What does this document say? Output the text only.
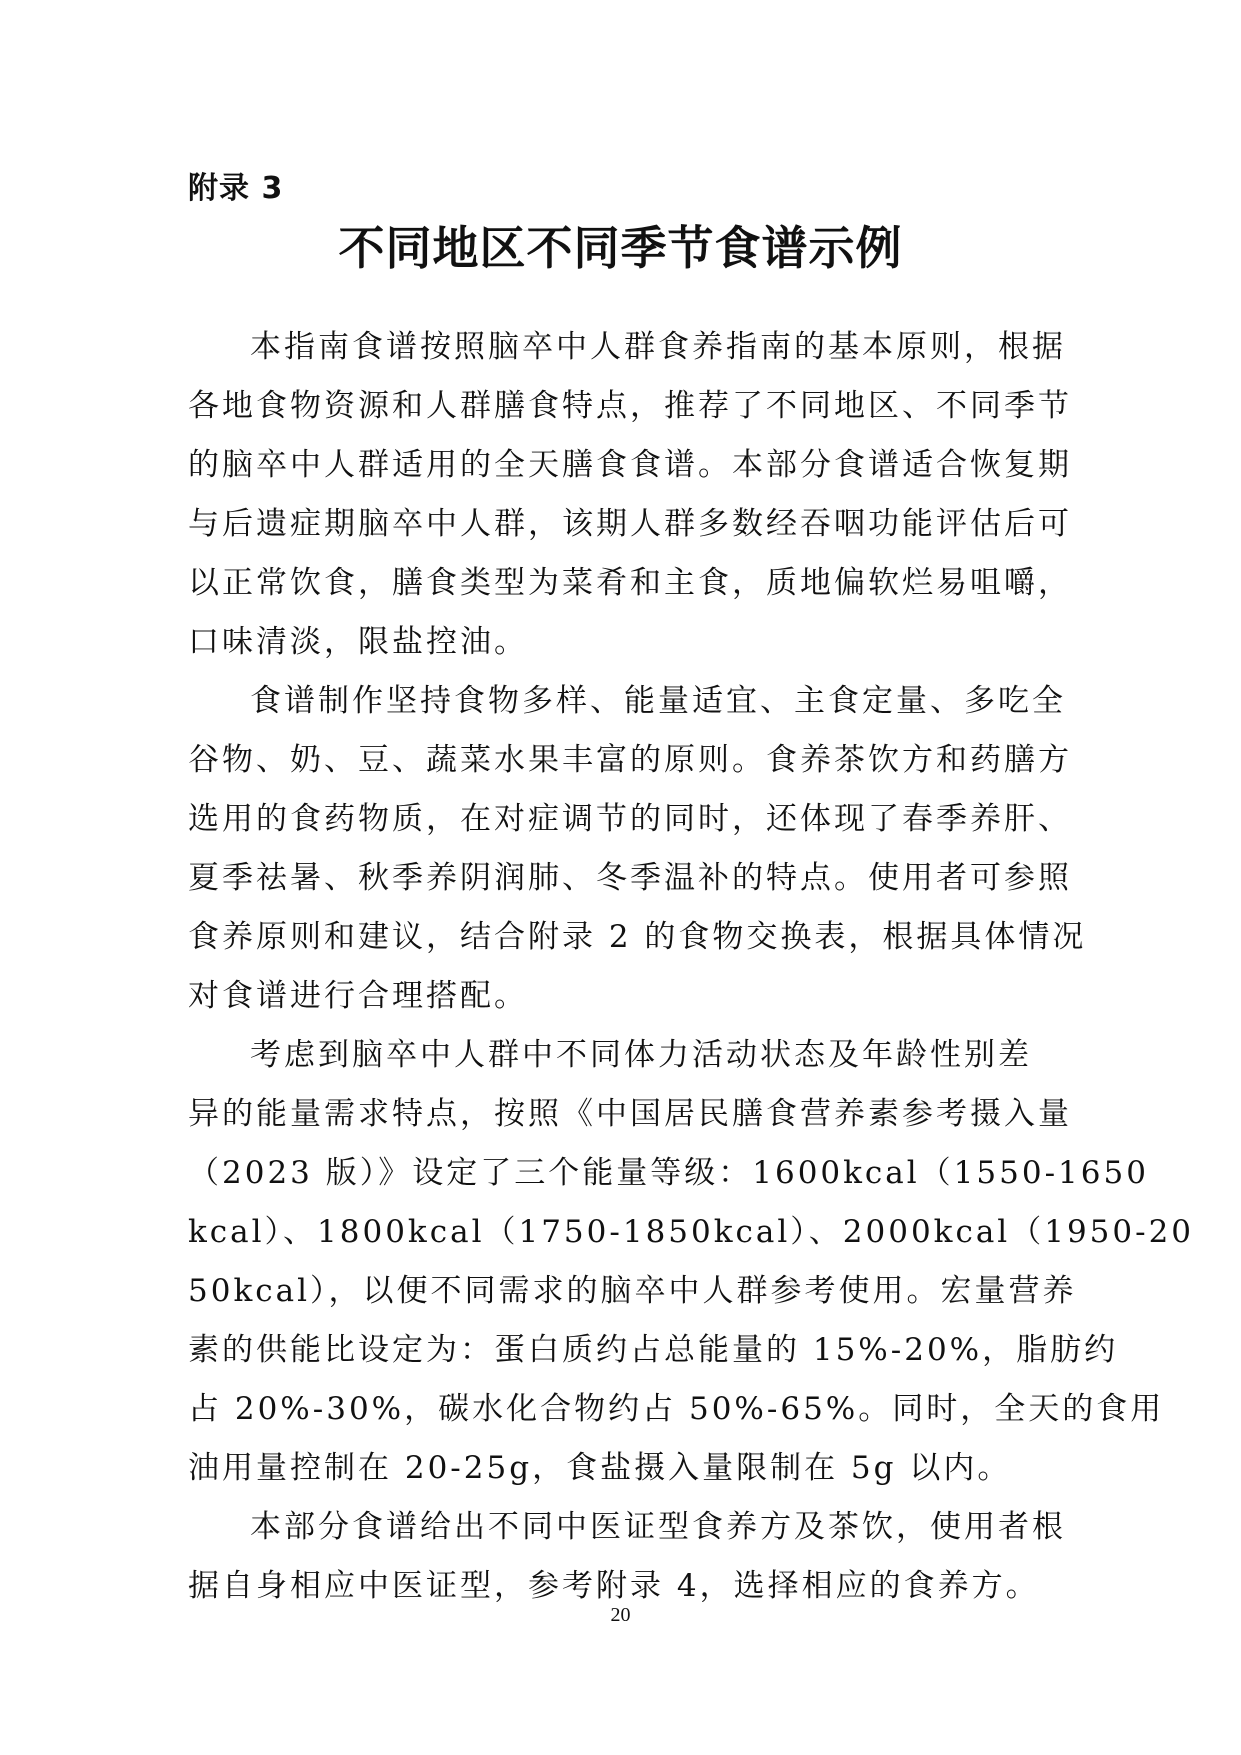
附录 3
不同地区不同季节食谱示例
本指南食谱按照脑卒中人群食养指南的基本原则，根据
各地食物资源和人群膳食特点，推荐了不同地区、不同季节
的脑卒中人群适用的全天膳食食谱。本部分食谱适合恢复期
与后遗症期脑卒中人群，该期人群多数经吞咽功能评估后可
以正常饮食，膳食类型为菜肴和主食，质地偏软烂易咀嚼，
口味清淡，限盐控油。
食谱制作坚持食物多样、能量适宜、主食定量、多吃全
谷物、奶、豆、蔬菜水果丰富的原则。食养茶饮方和药膳方
选用的食药物质，在对症调节的同时，还体现了春季养肝、
夏季祛暑、秋季养阴润肺、冬季温补的特点。使用者可参照
食养原则和建议，结合附录 2 的食物交换表，根据具体情况
对食谱进行合理搭配。
考虑到脑卒中人群中不同体力活动状态及年龄性别差
异的能量需求特点，按照《中国居民膳食营养素参考摄入量
（2023 版）》设定了三个能量等级：1600kcal（1550-1650
kcal）、1800kcal（1750-1850kcal）、2000kcal（1950-20
50kcal），以便不同需求的脑卒中人群参考使用。宏量营养
素的供能比设定为：蛋白质约占总能量的 15%-20%，脂肪约
占 20%-30%，碳水化合物约占 50%-65%。同时，全天的食用
油用量控制在 20-25g，食盐摄入量限制在 5g 以内。
本部分食谱给出不同中医证型食养方及茶饮，使用者根
据自身相应中医证型，参考附录 4，选择相应的食养方。
20
